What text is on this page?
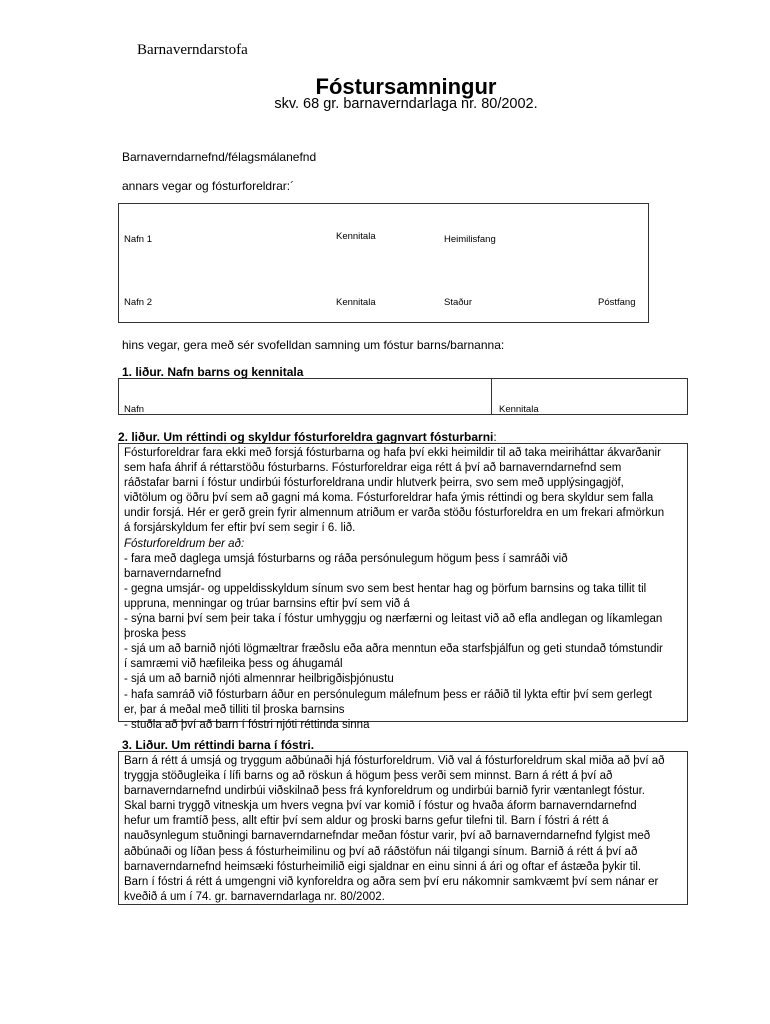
Barnaverndarstofa
Fóstursamningur
skv. 68 gr. barnaverndarlaga nr. 80/2002.
Barnaverndarnefnd/félagsmálanefnd
annars vegar og fósturforeldrar:´
Nafn 1	Kennitala	Heimilisfang
Nafn 2	Kennitala	Staður	Póstfang
hins vegar, gera með sér svofelldan samning um fóstur barns/barnanna:
1. liður. Nafn barns og kennitala
Nafn	Kennitala
2. liður. Um réttindi og skyldur fósturforeldra gagnvart fósturbarni:
Fósturforeldrar fara ekki með forsjá fósturbarna og hafa því ekki heimildir til að taka meiriháttar ákvarðanir
sem hafa áhrif á réttarstöðu fósturbarns. Fósturforeldrar eiga rétt á því að barnaverndarnefnd sem
ráðstafar barni í fóstur undirbúi fósturforeldrana undir hlutverk þeirra, svo sem með upplýsingagjöf,
viðtölum og öðru því sem að gagni má koma. Fósturforeldrar hafa ýmis réttindi og bera skyldur sem falla
undir forsjá. Hér er gerð grein fyrir almennum atriðum er varða stöðu fósturforeldra en um frekari afmörkun
á forsjárskyldum fer eftir því sem segir í 6. lið.
Fósturforeldrum ber að:
- fara með daglega umsjá fósturbarns og ráða persónulegum högum þess í samráði við
barnaverndarnefnd
- gegna umsjár- og uppeldisskyldum sínum svo sem best hentar hag og þörfum barnsins og taka tillit til
uppruna, menningar og trúar barnsins eftir því sem við á
- sýna barni því sem þeir taka í fóstur umhyggju og nærfærni og leitast við að efla andlegan og líkamlegan
þroska þess
- sjá um að barnið njóti lögmæltrar fræðslu eða aðra menntun eða starfsþjálfun og geti stundað tómstundir
í samræmi við hæfileika þess og áhugamál
- sjá um að barnið njóti almennrar heilbrigðisþjónustu
- hafa samráð við fósturbarn áður en persónulegum málefnum þess er ráðið til lykta eftir því sem gerlegt
er, þar á meðal með tilliti til þroska barnsins
- stuðla að því að barn í fóstri njóti réttinda sinna
3. Liður. Um réttindi barna í fóstri.
Barn á rétt á umsjá og tryggum aðbúnaði hjá fósturforeldrum. Við val á fósturforeldrum skal miða að því að
tryggja stöðugleika í lífi barns og að röskun á högum þess verði sem minnst. Barn á rétt á því að
barnaverndarnefnd undirbúi viðskilnað þess frá kynforeldrum og undirbúi barnið fyrir væntanlegt fóstur.
Skal barni tryggð vitneskja um hvers vegna því var komið í fóstur og hvaða áform barnaverndarnefnd
hefur um framtíð þess, allt eftir því sem aldur og þroski barns gefur tilefni til. Barn í fóstri á rétt á
nauðsynlegum stuðningi barnaverndarnefndar meðan fóstur varir, því að barnaverndarnefnd fylgist með
aðbúnaði og líðan þess á fósturheimilinu og því að ráðstöfun nái tilgangi sínum. Barnið á rétt á því að
barnaverndarnefnd heimsæki fósturheimilið eigi sjaldnar en einu sinni á ári og oftar ef ástæða þykir til.
Barn í fóstri á rétt á umgengni við kynforeldra og aðra sem því eru nákomnir samkvæmt því sem nánar er
kveðið á um í 74. gr. barnaverndarlaga nr. 80/2002.
